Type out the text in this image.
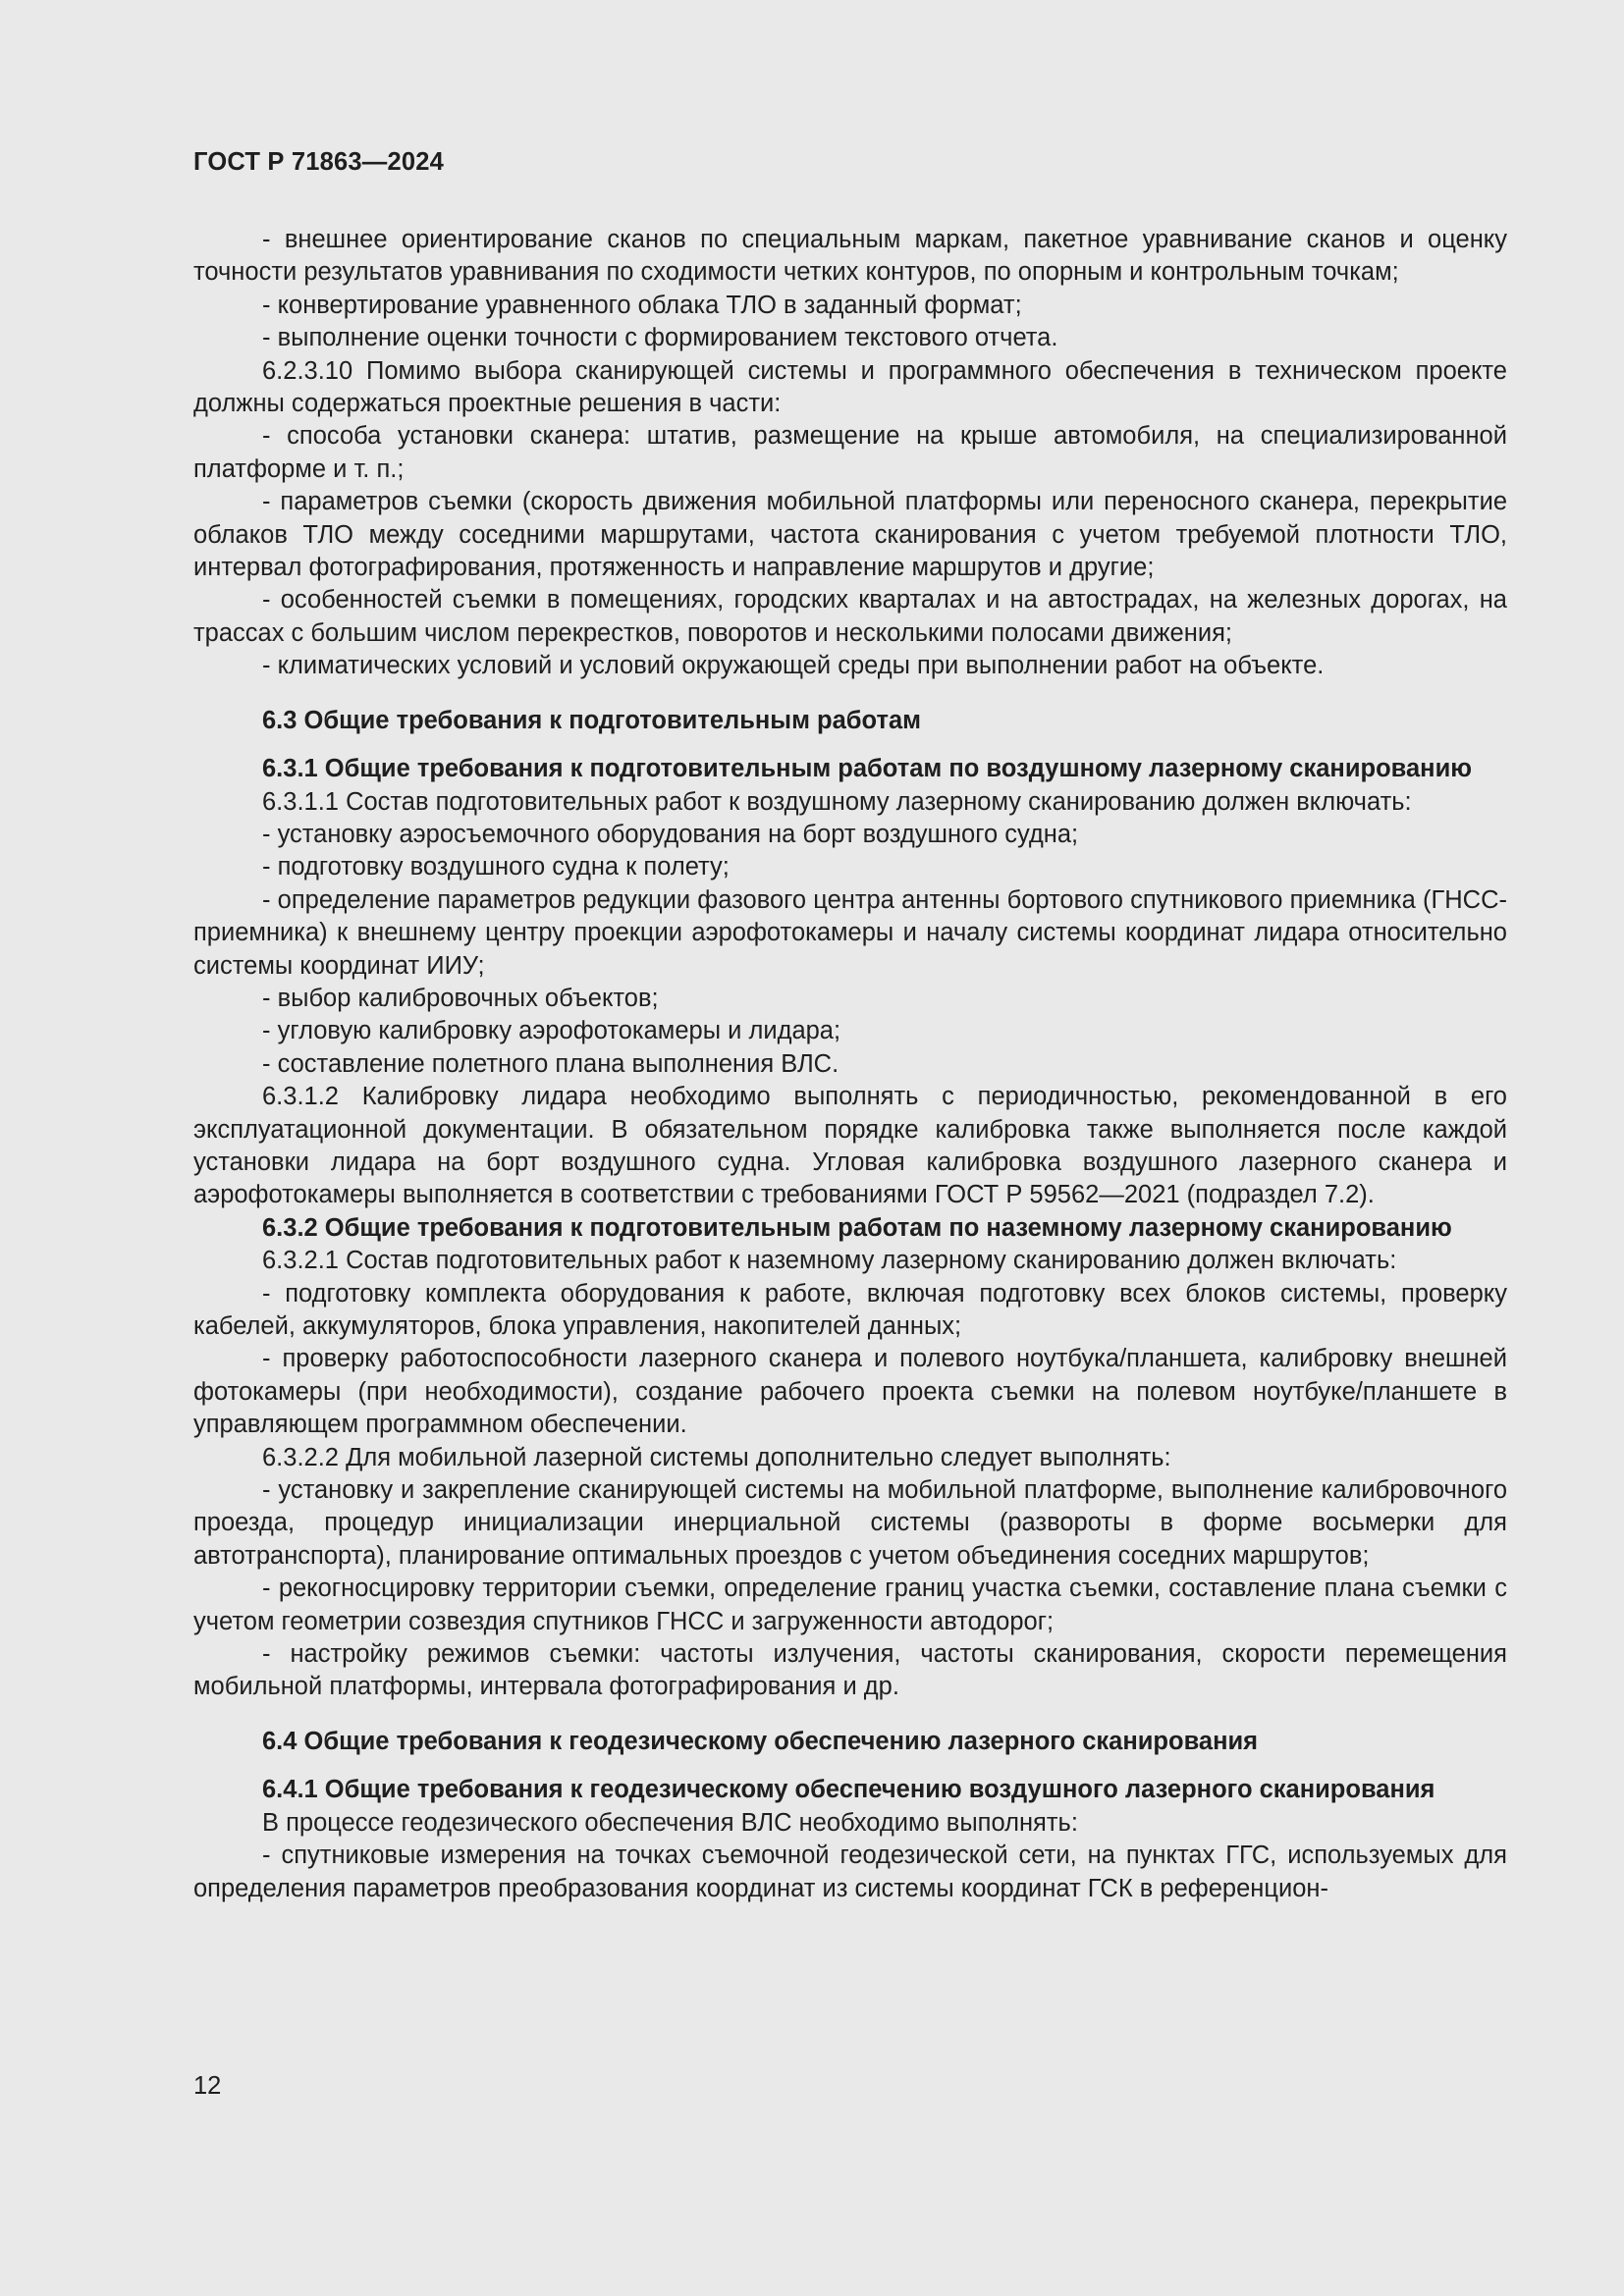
ГОСТ Р 71863—2024

- внешнее ориентирование сканов по специальным маркам, пакетное уравнивание сканов и оценку точности результатов уравнивания по сходимости четких контуров, по опорным и контрольным точкам;

- конвертирование уравненного облака ТЛО в заданный формат;

- выполнение оценки точности с формированием текстового отчета.

6.2.3.10 Помимо выбора сканирующей системы и программного обеспечения в техническом проекте должны содержаться проектные решения в части:

- способа установки сканера: штатив, размещение на крыше автомобиля, на специализированной платформе и т. п.;

- параметров съемки (скорость движения мобильной платформы или переносного сканера, перекрытие облаков ТЛО между соседними маршрутами, частота сканирования с учетом требуемой плотности ТЛО, интервал фотографирования, протяженность и направление маршрутов и другие;

- особенностей съемки в помещениях, городских кварталах и на автострадах, на железных дорогах, на трассах с большим числом перекрестков, поворотов и несколькими полосами движения;

- климатических условий и условий окружающей среды при выполнении работ на объекте.

6.3 Общие требования к подготовительным работам

6.3.1 Общие требования к подготовительным работам по воздушному лазерному сканированию

6.3.1.1 Состав подготовительных работ к воздушному лазерному сканированию должен включать:

- установку аэросъемочного оборудования на борт воздушного судна;

- подготовку воздушного судна к полету;

- определение параметров редукции фазового центра антенны бортового спутникового приемника (ГНСС-приемника) к внешнему центру проекции аэрофотокамеры и началу системы координат лидара относительно системы координат ИИУ;

- выбор калибровочных объектов;

- угловую калибровку аэрофотокамеры и лидара;

- составление полетного плана выполнения ВЛС.

6.3.1.2 Калибровку лидара необходимо выполнять с периодичностью, рекомендованной в его эксплуатационной документации. В обязательном порядке калибровка также выполняется после каждой установки лидара на борт воздушного судна. Угловая калибровка воздушного лазерного сканера и аэрофотокамеры выполняется в соответствии с требованиями ГОСТ Р 59562—2021 (подраздел 7.2).

6.3.2 Общие требования к подготовительным работам по наземному лазерному сканированию

6.3.2.1 Состав подготовительных работ к наземному лазерному сканированию должен включать:

- подготовку комплекта оборудования к работе, включая подготовку всех блоков системы, проверку кабелей, аккумуляторов, блока управления, накопителей данных;

- проверку работоспособности лазерного сканера и полевого ноутбука/планшета, калибровку внешней фотокамеры (при необходимости), создание рабочего проекта съемки на полевом ноутбуке/планшете в управляющем программном обеспечении.

6.3.2.2 Для мобильной лазерной системы дополнительно следует выполнять:

- установку и закрепление сканирующей системы на мобильной платформе, выполнение калибровочного проезда, процедур инициализации инерциальной системы (развороты в форме восьмерки для автотранспорта), планирование оптимальных проездов с учетом объединения соседних маршрутов;

- рекогносцировку территории съемки, определение границ участка съемки, составление плана съемки с учетом геометрии созвездия спутников ГНСС и загруженности автодорог;

- настройку режимов съемки: частоты излучения, частоты сканирования, скорости перемещения мобильной платформы, интервала фотографирования и др.

6.4 Общие требования к геодезическому обеспечению лазерного сканирования

6.4.1 Общие требования к геодезическому обеспечению воздушного лазерного сканирования

В процессе геодезического обеспечения ВЛС необходимо выполнять:

- спутниковые измерения на точках съемочной геодезической сети, на пунктах ГГС, используемых для определения параметров преобразования координат из системы координат ГСК в референцион-

12
